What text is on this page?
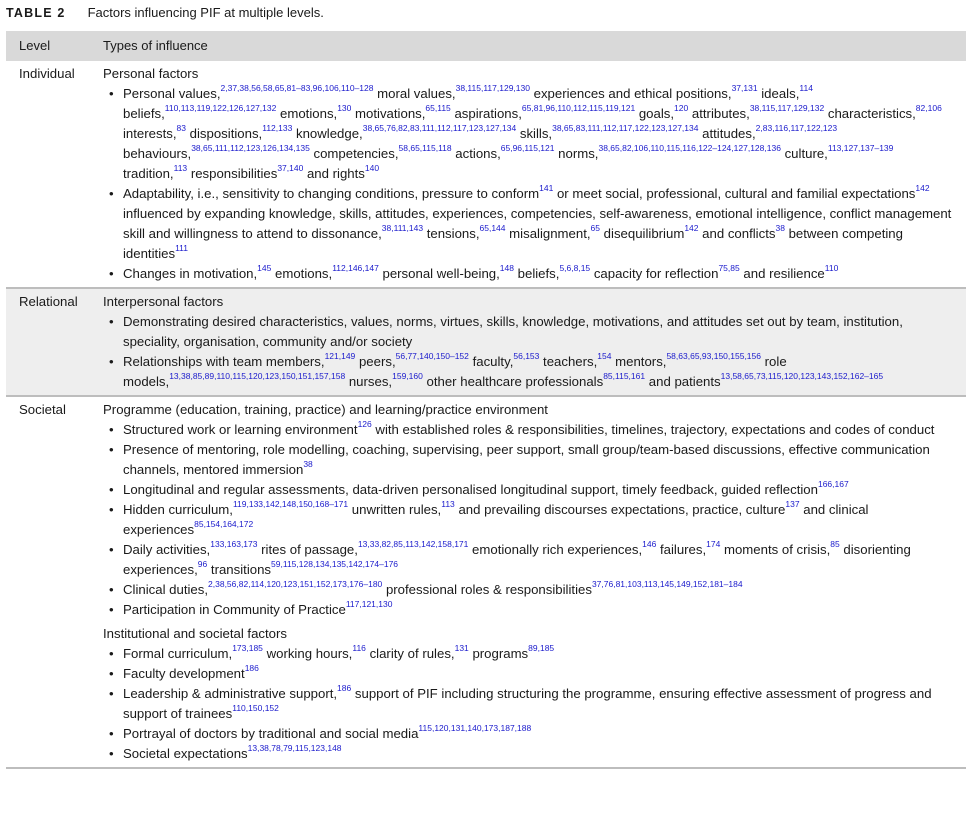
TABLE 2 Factors influencing PIF at multiple levels.
Level	Types of influence
Individual Personal factors
• Personal values,$^{2,37,38,56,58,65,81-83,96,106,110-128}$ moral values,$^{38,115,117,129,130}$ experiences and ethical positions,$^{37,131}$ ideals,$^{114}$ beliefs,$^{110,113,119,122,126,127,132}$ emotions,$^{130}$ motivations,$^{65,115}$ aspirations,$^{65,81,96,110,112,115,119,121}$ goals,$^{120}$ attributes,$^{38,115,117,129,132}$ characteristics,$^{82,106}$ interests,$^{83}$ dispositions,$^{112,133}$ knowledge,$^{38,65,76,82,83,111,112,117,123,127,134}$ skills,$^{38,65,83,111,112,117,122,123,127,134}$ attitudes,$^{2,83,116,117,122,123}$ behaviours,$^{38,65,111,112,123,126,134,135}$ competencies,$^{58,65,115,118}$ actions,$^{65,96,115,121}$ norms,$^{38,65,82,106,110,115,116,122-124,127,128,136}$ culture,$^{113,127,137-139}$ tradition,$^{113}$ responsibilities$^{37,140}$ and rights$^{140}$
• Adaptability, i.e., sensitivity to changing conditions, pressure to conform$^{141}$ or meet social, professional, cultural and familial expectations$^{142}$ influenced by expanding knowledge, skills, attitudes, experiences, competencies, self-awareness, emotional intelligence, conflict management skill and willingness to attend to dissonance,$^{38,111,143}$ tensions,$^{65,144}$ misalignment,$^{65}$ disequilibrium$^{142}$ and conflicts$^{38}$ between competing identities$^{111}$
• Changes in motivation,$^{145}$ emotions,$^{112,146,147}$ personal well-being,$^{148}$ beliefs,$^{5,6,8,15}$ capacity for reflection$^{75,85}$ and resilience$^{110}$
Relational Interpersonal factors
• Demonstrating desired characteristics, values, norms, virtues, skills, knowledge, motivations, and attitudes set out by team, institution, speciality, organisation, community and/or society
• Relationships with team members,$^{121,149}$ peers,$^{56,77,140,150-152}$ faculty,$^{56,153}$ teachers,$^{154}$ mentors,$^{58,63,65,93,150,155,156}$ role models,$^{13,38,85,89,110,115,120,123,150,151,157,158}$ nurses,$^{159,160}$ other healthcare professionals$^{85,115,161}$ and patients$^{13,58,65,73,115,120,123,143,152,162-165}$
Societal	Programme (education, training, practice) and learning/practice environment
• Structured work or learning environment$^{126}$ with established roles & responsibilities, timelines, trajectory, expectations and codes of conduct
• Presence of mentoring, role modelling, coaching, supervising, peer support, small group/team-based discussions, effective communication channels, mentored immersion$^{38}$
• Longitudinal and regular assessments, data-driven personalised longitudinal support, timely feedback, guided reflection$^{166,167}$
• Hidden curriculum,$^{119,133,142,148,150,168-171}$ unwritten rules,$^{113}$ and prevailing discourses expectations, practice, culture$^{137}$ and clinical experiences$^{85,154,164,172}$
• Daily activities,$^{133,163,173}$ rites of passage,$^{13,33,82,85,113,142,158,171}$ emotionally rich experiences,$^{146}$ failures,$^{174}$ moments of crisis,$^{85}$ disorienting experiences,$^{96}$ transitions$^{59,115,128,134,135,142,174-176}$
• Clinical duties,$^{2,38,56,82,114,120,123,151,152,173,176-180}$ professional roles & responsibilities$^{37,76,81,103,113,145,149,152,181-184}$
• Participation in Community of Practice$^{117,121,130}$
Institutional and societal factors
• Formal curriculum,$^{173,185}$ working hours,$^{116}$ clarity of rules,$^{131}$ programs$^{89,185}$
• Faculty development$^{186}$
• Leadership & administrative support,$^{186}$ support of PIF including structuring the programme, ensuring effective assessment of progress and support of trainees$^{110,150,152}$
• Portrayal of doctors by traditional and social media$^{115,120,131,140,173,187,188}$
• Societal expectations$^{13,38,78,79,115,123,148}$
